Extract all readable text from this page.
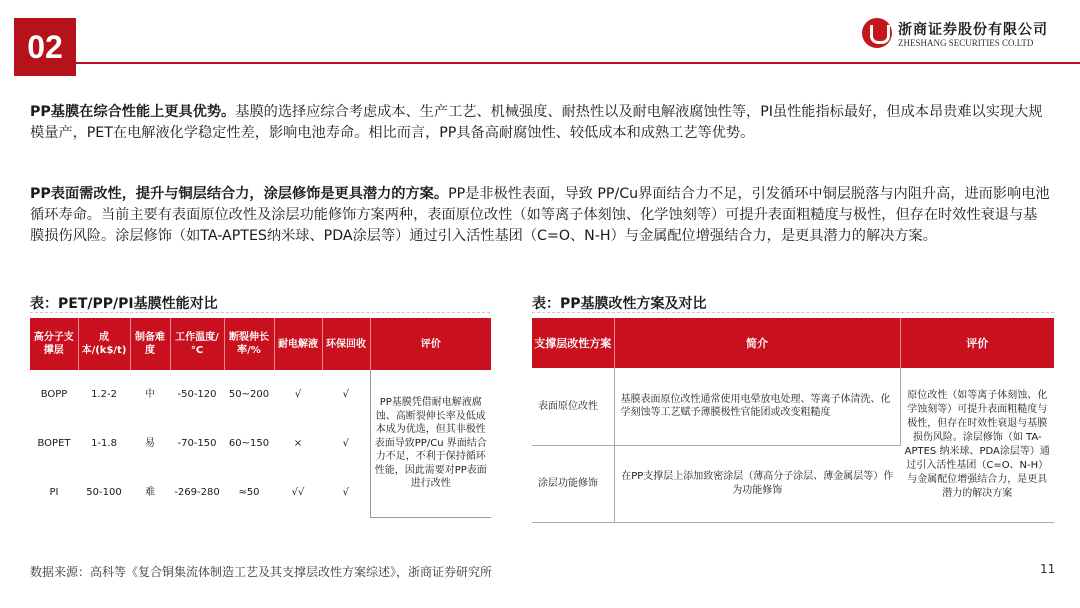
02	浙商证券股份有限公司
ZHESHANG SECURITIES CO.LTD
PP基膜在综合性能上更具优势。基膜的选择应综合考虑成本、生产工艺、机械强度、耐热性以及耐电解液腐蚀性等，PI虽性能指标最好，但成本昂贵难以实现大规模量产，PET在电解液化学稳定性差，影响电池寿命。相比而言，PP具备高耐腐蚀性、较低成本和成熟工艺等优势。
PP表面需改性，提升与铜层结合力，涂层修饰是更具潜力的方案。PP是非极性表面，导致 PP/Cu界面结合力不足，引发循环中铜层脱落与内阻升高，进而影响电池循环寿命。当前主要有表面原位改性及涂层功能修饰方案两种，表面原位改性（如等离子体刻蚀、化学蚀刻等）可提升表面粗糙度与极性，但存在时效性衰退与基膜损伤风险。涂层修饰（如TA-APTES纳米球、PDA涂层等）通过引入活性基团（C=O、N-H）与金属配位增强结合力，是更具潜力的解决方案。
表：PET/PP/PI基膜性能对比
高分子支撑层	成本/(k$/t)	制备难度	工作温度/°C	断裂伸长率/%	耐电解液	环保回收	评价
BOPP	1.2-2	中	-50-120	50~200	√	√	PP基膜凭借耐电解液腐蚀、高断裂伸长率及低成本成为优选，但其非极性表面导致PP/Cu 界面结合力不足，不利于保持循环性能，因此需要对PP表面进行改性
BOPET	1-1.8	易	-70-150	60~150	×	√	
PI	50-100	难	-269-280	≈50	√√	√	
表：PP基膜改性方案及对比
支撑层改性方案	简介	评价
表面原位改性	基膜表面原位改性通常使用电晕放电处理、等离子体清洗、化学刻蚀等工艺赋予薄膜极性官能团或改变粗糙度	原位改性（如等离子体刻蚀、化学蚀刻等）可提升表面粗糙度与极性，但存在时效性衰退与基膜损伤风险。涂层修饰（如 TA-APTES 纳米球、PDA涂层等）通过引入活性基团（C=O、N-H）与金属配位增强结合力，是更具潜力的解决方案
涂层功能修饰	在PP支撑层上添加致密涂层（薄高分子涂层、薄金属层等）作为功能修饰	
数据来源：高科等《复合铜集流体制造工艺及其支撑层改性方案综述》，浙商证券研究所	11
